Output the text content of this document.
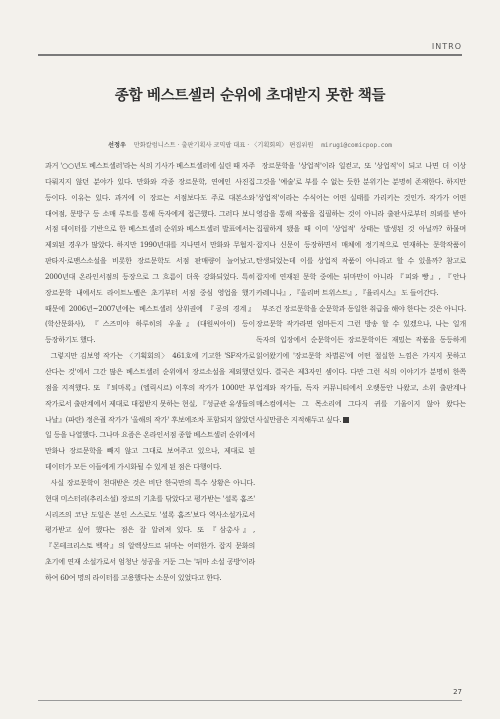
INTRO
종합 베스트셀러 순위에 초대받지 못한 책들
선정우 만화칼럼니스트 · 출판기획사 코믹팝 대표 · 〈기획회의〉 편집위원 mirugi@comicpop.com

과거 '○○년도 베스트셀러'라는 식의 기사가 베스트셀러에 실린 때 자주 다뤄지지 않던 분야가 있다. 만화와 각종 장르문학, 연예인 사진집 등이다. 이유는 있다. 과거에 이 장르는 서점보다도 주로 대본소와 대여점, 문방구 등 소매 루트를 통해 독자에게 접근했다. 그러다 보니 서점 데이터를 기반으로 한 베스트셀러 순위와 베스트셀러 발표에서는 제외된 경우가 많았다. 하지만 1990년대를 지나면서 만화와 무협지·판타지·로맨스소설을 비롯한 장르문학도 서점 판매량이 늘어났고, 2000년대 온라인서점의 등장으로 그 흐름이 더욱 강화되었다. 특히 장르문학 내에서도 라이트노벨은 초기부터 서점 중심 영업을 했기 때문에 2006년~2007년에는 베스트셀러 상위권에 『공의 경계』(학산문화사), 『스즈미야 하루히의 우울』(대원씨아이) 등이 등장하기도 했다.

그렇지만 김보영 작가는 〈기획회의〉 461호에 기고한 'SF작가로 산다는 것'에서 그간 많은 베스트셀러 순위에서 장르소설을 제외했던 점을 지적했다. 또 『퇴마록』(엘릭시르) 이후의 작가가 1000만 부 작가로서 출판계에서 제대로 대접받지 못하는 현실, 『성균관 유생들의 나날』(파란) 정은궐 작가가 '올해의 작가' 후보에조차 포함되지 않았던 일 등을 나열했다. 그나마 요즘은 온라인서점 종합 베스트셀러 순위에서 만화나 장르문학을 빼지 않고 그대로 보여주고 있으나, 제대로 된 데이터가 모든 이들에게 가시화될 수 있게 된 점은 다행이다.

사실 장르문학이 천대받은 것은 비단 한국만의 특수 상황은 아니다. 현대 미스터리(추리소설) 장르의 기초를 닦았다고 평가받는 '셜록 홈즈' 시리즈의 코난 도일은 본인 스스로도 '셜록 홈즈'보다 역사소설가로서 평가받고 싶어 했다는 점은 잘 알려져 있다. 또 『삼총사』, 『몬테크리스토 백작』의 알렉상드르 뒤마는 어떠한가. 잡지 문화의 초기에 연재 소설가로서 엄청난 성공을 거둔 그는 '뒤마 소설 공방'이라 하여 60여 명의 라이터를 고용했다는 소문이 있었다고 한다.

장르문학을 '상업적'이라 일컫고, 또 '상업적'이 되고 나면 더 이상 그것을 '예술'로 부를 수 없는 듯한 분위기는 분명히 존재한다. 하지만 '상업적'이라는 수식어는 어떤 실태를 가리키는 것인가. 작가가 어떤 영감을 통해 작품을 집필하는 것이 아니라 출판사로부터 의뢰를 받아 집필하게 됐을 때 이미 '상업적' 상태는 발생된 것 아닐까? 하물며 잡지나 신문이 등장하면서 매체에 정기적으로 연재하는 문학작품이 탄생되었는데 이를 상업적 작품이 아니라고 할 수 있을까? 참고로 잡지에 연재된 문학 중에는 뒤마만이 아니라 『피와 빵』, 『안나 카레니나』, 『올리버 트위스트』, 『율리시스』 도 들어간다.

부조건 장르문학을 순문학과 동일한 취급을 해야 한다는 것은 아니다. 장르문학 작가라면 엄마든지 그런 방송 할 수 있겠으나, 나는 일개 독자의 입장에서 순문학이든 장르문학이든 재밌는 작품을 동등하게 읽어왔기에 '장르문학 차별론'에 어떤 절실한 느낌은 가지지 못하고 있다. 결국은 제3자인 셈이다. 다만 그런 식의 이야기가 분명히 한쪽 업계와 작가들, 독자 커뮤니티에서 오랫동안 나왔고, 소위 출판계나 매스컴에서는 그 목소리에 그다지 귀를 기울이지 않아 왔다는 사실만큼은 지적해두고 싶다. M

27
